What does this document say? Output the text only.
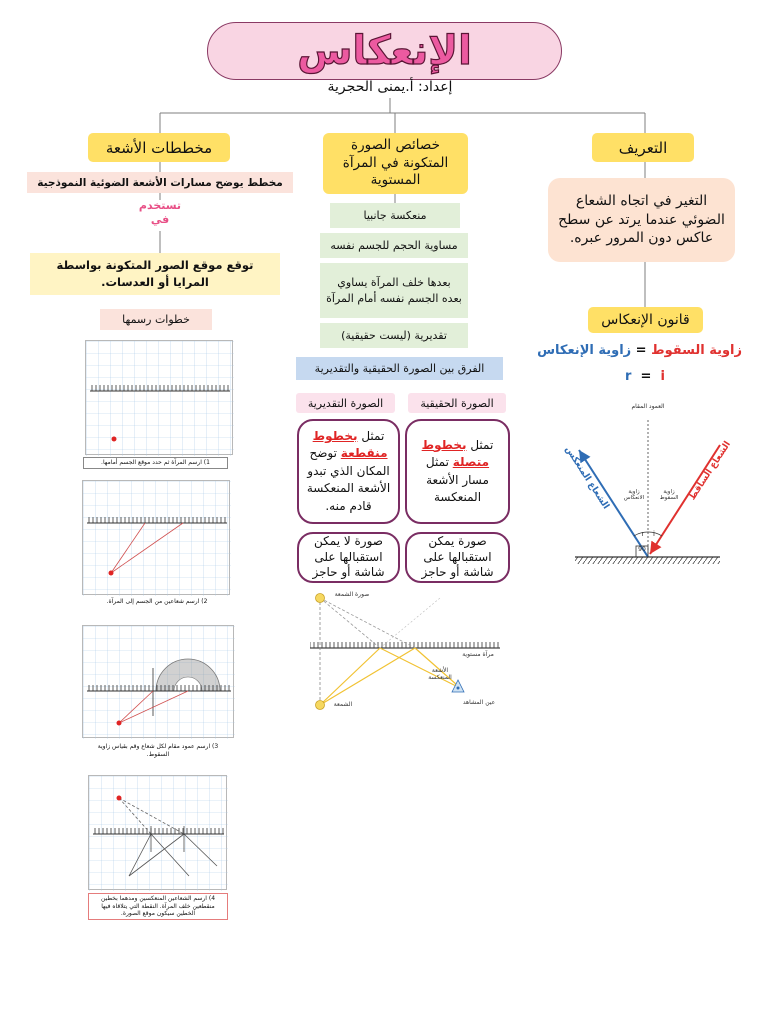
الإنعكاس
إعداد: أ.يمنى الحجرية
التعريف
التغير في اتجاه الشعاع الضوئي عندما يرتد عن سطح عاكس دون المرور عبره.
قانون الإنعكاس
زاوية السقوط = زاوية الإنعكاس
r = i
العمود المقام
الشعاع الساقط
الشعاع المنعكس	زاوية السقوط
زاوية الانعكاس
90
r	i
خصائص الصورة المتكونة في المرآة المستوية
منعكسة جانبيا
مساوية الحجم للجسم نفسه
بعدها خلف المرآة يساوي بعده الجسم نفسه أمام المرآة
تقديرية (ليست حقيقية)
الفرق بين الصورة الحقيقية والتقديرية
الصورة الحقيقية
الصورة التقديرية
تمثل بخطوط متصلة تمثل مسار الأشعة المنعكسة
تمثل بخطوط منقطعة توضح المكان الذي تبدو الأشعة المنعكسة قادم منه.
صورة يمكن استقبالها على شاشة أو حاجز
صورة لا يمكن استقبالها على شاشة أو حاجز
صورة الشمعة
الشمعة
مرآة مستوية
الأشعة المنعكسة
عين المشاهد
مخططات الأشعة
مخطط يوضح مسارات الأشعة الضوئية النموذجية
تستخدم في
توقع موقع الصور المتكونة بواسطة المرايا أو العدسات.
خطوات رسمها
1) ارسم المرآة ثم حدد موقع الجسم أمامها.
2) ارسم شعاعين من الجسم إلى المرآة.
3) ارسم عمود مقام لكل شعاع وقم بقياس زاوية السقوط.
4) ارسم الشعاعين المنعكسين ومدهما بخطين منقطعين خلف المرآة. النقطة التي يتلاقاه فيها الخطين سيكون موقع الصورة.
